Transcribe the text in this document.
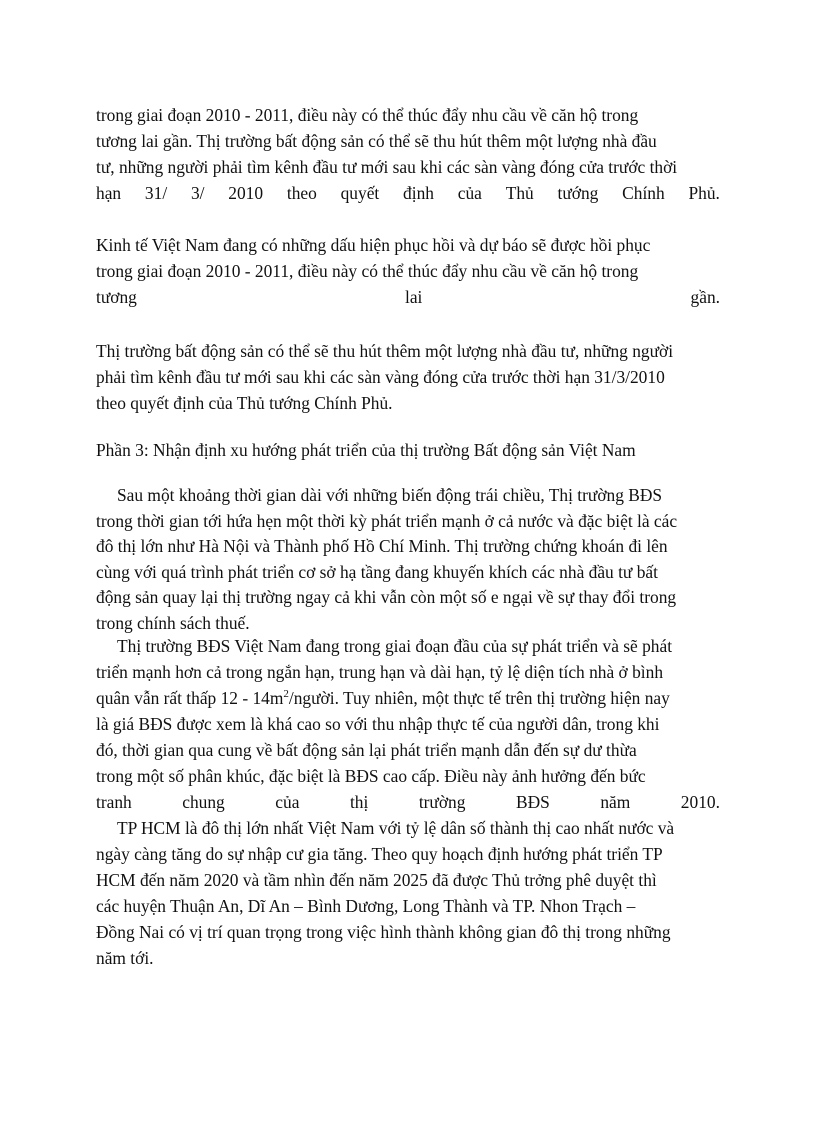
trong giai đoạn 2010 - 2011, điều này có thể thúc đẩy nhu cầu về căn hộ trong
tương lai gần. Thị trường bất động sản có thể sẽ thu hút thêm một lượng nhà đầu
tư, những người phải tìm kênh đầu tư mới sau khi các sàn vàng đóng cửa trước thời
hạn 31/ 3/ 2010 theo quyết định của Thủ tướng Chính Phủ.
Kinh tế Việt Nam đang có những dấu hiện phục hồi và dự báo sẽ được hồi phục
trong giai đoạn 2010 - 2011, điều này có thể thúc đẩy nhu cầu về căn hộ trong
tương	lai	gần.
Thị trường bất động sản có thể sẽ thu hút thêm một lượng nhà đầu tư, những người
phải tìm kênh đầu tư mới sau khi các sàn vàng đóng cửa trước thời hạn 31/3/2010
theo quyết định của Thủ tướng Chính Phủ.
Phần 3: Nhận định xu hướng phát triển của thị trường Bất động sản Việt Nam
Sau một khoảng thời gian dài với những biến động trái chiều, Thị trường BĐS
trong thời gian tới hứa hẹn một thời kỳ phát triển mạnh ở cả nước và đặc biệt là các
đô thị lớn như Hà Nội và Thành phố Hồ Chí Minh. Thị trường chứng khoán đi lên
cùng với quá trình phát triển cơ sở hạ tầng đang khuyến khích các nhà đầu tư bất
động sản quay lại thị trường ngay cả khi vẫn còn một số e ngại về sự thay đổi trong
trong chính sách thuế.
Thị trường BĐS Việt Nam đang trong giai đoạn đầu của sự phát triển và sẽ phát
triển mạnh hơn cả trong ngắn hạn, trung hạn và dài hạn, tỷ lệ diện tích nhà ở bình
quân vẫn rất thấp $12 - 14m^2$/người. Tuy nhiên, một thực tế trên thị trường hiện nay
là giá BĐS được xem là khá cao so với thu nhập thực tế của người dân, trong khi
đó, thời gian qua cung về bất động sản lại phát triển mạnh dẫn đến sự dư thừa
trong một số phân khúc, đặc biệt là BĐS cao cấp. Điều này ảnh hưởng đến bức
tranh	chung	của	thị	trường	BĐS	năm	2010.
TP HCM là đô thị lớn nhất Việt Nam với tỷ lệ dân số thành thị cao nhất nước và
ngày càng tăng do sự nhập cư gia tăng. Theo quy hoạch định hướng phát triển TP
HCM đến năm 2020 và tầm nhìn đến năm 2025 đã được Thủ trởng phê duyệt thì
các huyện Thuận An, Dĩ An – Bình Dương, Long Thành và TP. Nhon Trạch –
Đồng Nai có vị trí quan trọng trong việc hình thành không gian đô thị trong những
năm tới.
